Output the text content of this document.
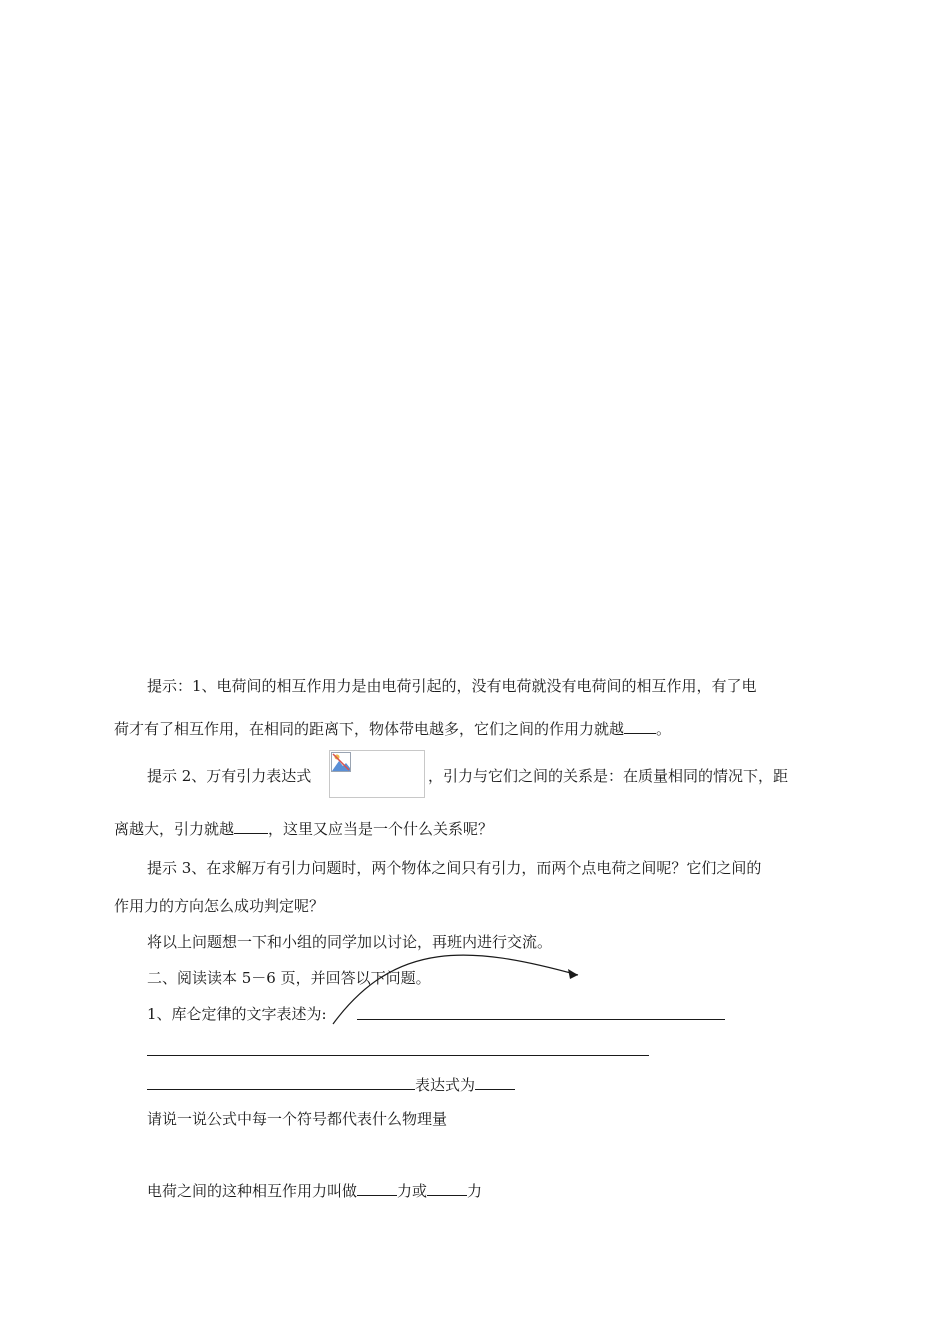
提示：1、电荷间的相互作用力是由电荷引起的，没有电荷就没有电荷间的相互作用，有了电
荷才有了相互作用，在相同的距离下，物体带电越多，它们之间的作用力就越 。
提示 2、万有引力表达式	，引力与它们之间的关系是：在质量相同的情况下，距
离越大，引力就越 ，这里又应当是一个什么关系呢？
提示 3、在求解万有引力问题时，两个物体之间只有引力，而两个点电荷之间呢？它们之间的
作用力的方向怎么成功判定呢？
将以上问题想一下和小组的同学加以讨论，再班内进行交流。
二、阅读读本 5－6 页，并回答以下问题。
1、库仑定律的文字表述为:
表达式为
请说一说公式中每一个符号都代表什么物理量
电荷之间的这种相互作用力叫做	力或	力
